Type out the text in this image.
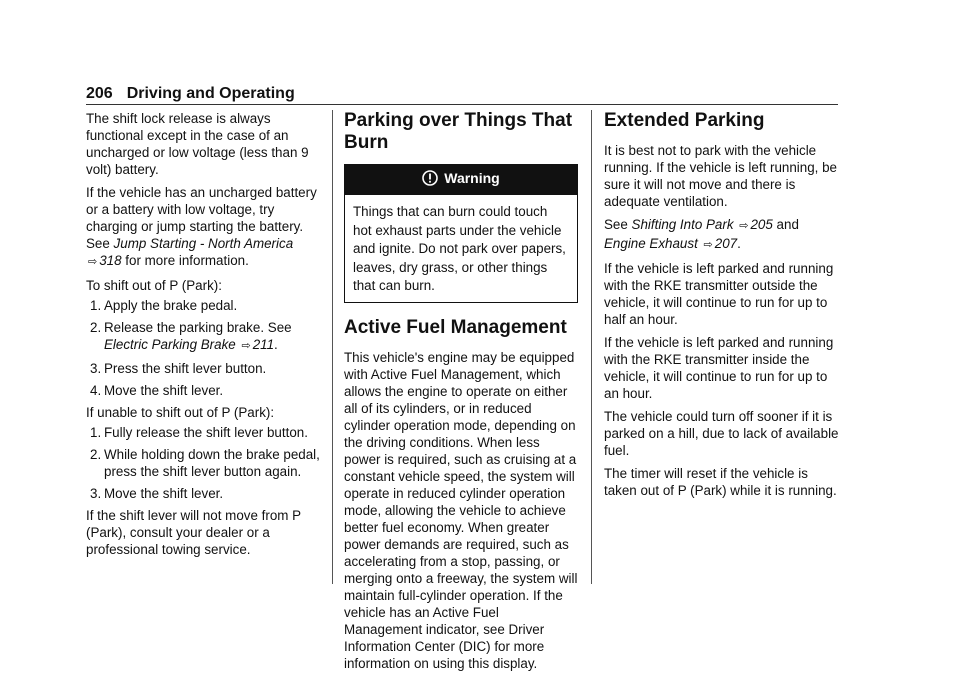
206 Driving and Operating

The shift lock release is always functional except in the case of an uncharged or low voltage (less than 9 volt) battery.

If the vehicle has an uncharged battery or a battery with low voltage, try charging or jump starting the battery. See Jump Starting - North America ⇨ 318 for more information.

To shift out of P (Park):

1. Apply the brake pedal.
2. Release the parking brake. See Electric Parking Brake ⇨ 211.
3. Press the shift lever button.
4. Move the shift lever.

If unable to shift out of P (Park):

1. Fully release the shift lever button.
2. While holding down the brake pedal, press the shift lever button again.
3. Move the shift lever.

If the shift lever will not move from P (Park), consult your dealer or a professional towing service.

Parking over Things That Burn
Warning
Things that can burn could touch hot exhaust parts under the vehicle and ignite. Do not park over papers, leaves, dry grass, or other things that can burn.
Active Fuel Management

This vehicle's engine may be equipped with Active Fuel Management, which allows the engine to operate on either all of its cylinders, or in reduced cylinder operation mode, depending on the driving conditions. When less power is required, such as cruising at a constant vehicle speed, the system will operate in reduced cylinder operation mode, allowing the vehicle to achieve better fuel economy. When greater power demands are required, such as accelerating from a stop, passing, or merging onto a freeway, the system will maintain full-cylinder operation. If the vehicle has an Active Fuel Management indicator, see Driver Information Center (DIC) for more information on using this display.

Extended Parking

It is best not to park with the vehicle running. If the vehicle is left running, be sure it will not move and there is adequate ventilation.

See Shifting Into Park ⇨ 205 and
Engine Exhaust ⇨ 207.

If the vehicle is left parked and running with the RKE transmitter outside the vehicle, it will continue to run for up to half an hour.

If the vehicle is left parked and running with the RKE transmitter inside the vehicle, it will continue to run for up to an hour.

The vehicle could turn off sooner if it is parked on a hill, due to lack of available fuel.

The timer will reset if the vehicle is taken out of P (Park) while it is running.
